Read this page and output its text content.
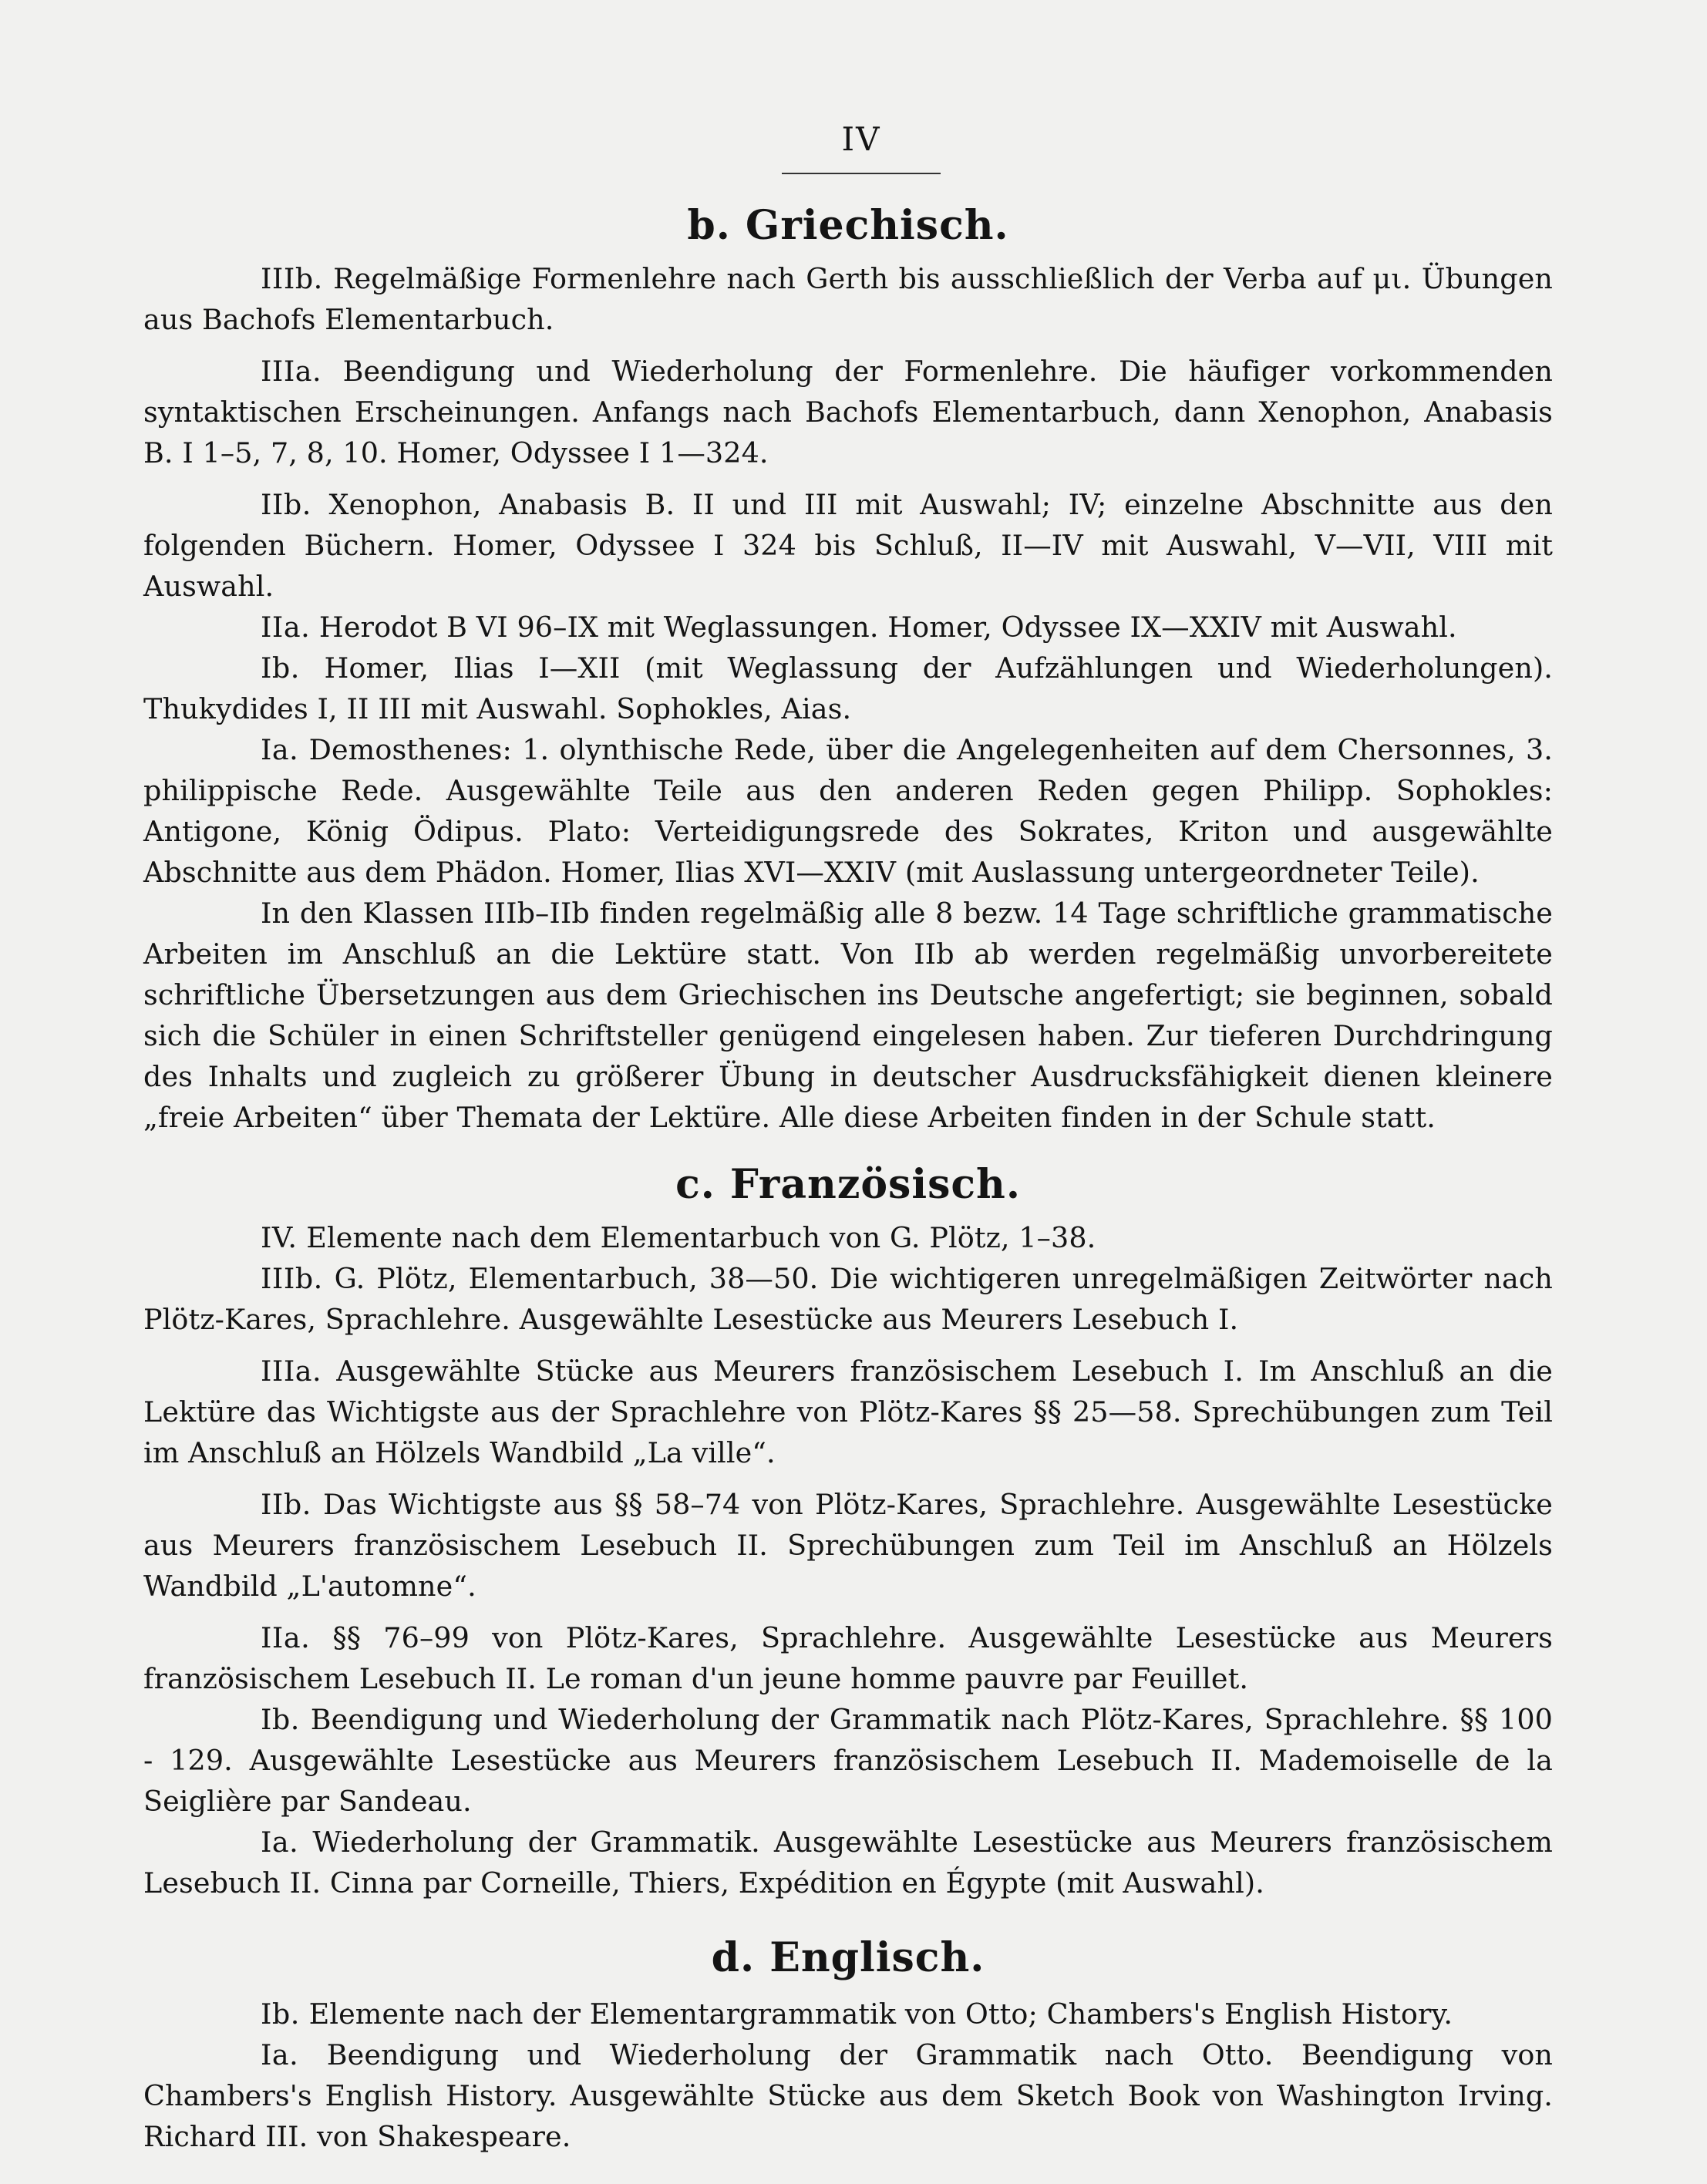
IV
b. Griechisch.

IIIb. Regelmäßige Formenlehre nach Gerth bis ausschließlich der Verba auf μι. Übungen aus Bachofs Elementarbuch.

IIIa. Beendigung und Wiederholung der Formenlehre. Die häufiger vorkommenden syntaktischen Erscheinungen. Anfangs nach Bachofs Elementarbuch, dann Xenophon, Anabasis B. I 1–5, 7, 8, 10. Homer, Odyssee I 1—324.

IIb. Xenophon, Anabasis B. II und III mit Auswahl; IV; einzelne Abschnitte aus den folgenden Büchern. Homer, Odyssee I 324 bis Schluß, II—IV mit Auswahl, V—VII, VIII mit Auswahl.

IIa. Herodot B VI 96–IX mit Weglassungen. Homer, Odyssee IX—XXIV mit Auswahl.

Ib. Homer, Ilias I—XII (mit Weglassung der Aufzählungen und Wiederholungen). Thukydides I, II III mit Auswahl. Sophokles, Aias.

Ia. Demosthenes: 1. olynthische Rede, über die Angelegenheiten auf dem Chersonnes, 3. philippische Rede. Ausgewählte Teile aus den anderen Reden gegen Philipp. Sophokles: Antigone, König Ödipus. Plato: Verteidigungsrede des Sokrates, Kriton und ausgewählte Abschnitte aus dem Phädon. Homer, Ilias XVI—XXIV (mit Auslassung untergeordneter Teile).

In den Klassen IIIb–IIb finden regelmäßig alle 8 bezw. 14 Tage schriftliche grammatische Arbeiten im Anschluß an die Lektüre statt. Von IIb ab werden regelmäßig unvorbereitete schriftliche Übersetzungen aus dem Griechischen ins Deutsche angefertigt; sie beginnen, sobald sich die Schüler in einen Schriftsteller genügend eingelesen haben. Zur tieferen Durchdringung des Inhalts und zugleich zu größerer Übung in deutscher Ausdrucksfähigkeit dienen kleinere „freie Arbeiten“ über Themata der Lektüre. Alle diese Arbeiten finden in der Schule statt.

c. Französisch.

IV. Elemente nach dem Elementarbuch von G. Plötz, 1–38.

IIIb. G. Plötz, Elementarbuch, 38—50. Die wichtigeren unregelmäßigen Zeitwörter nach Plötz-Kares, Sprachlehre. Ausgewählte Lesestücke aus Meurers Lesebuch I.

IIIa. Ausgewählte Stücke aus Meurers französischem Lesebuch I. Im Anschluß an die Lektüre das Wichtigste aus der Sprachlehre von Plötz-Kares §§ 25—58. Sprechübungen zum Teil im Anschluß an Hölzels Wandbild „La ville“.

IIb. Das Wichtigste aus §§ 58–74 von Plötz-Kares, Sprachlehre. Ausgewählte Lesestücke aus Meurers französischem Lesebuch II. Sprechübungen zum Teil im Anschluß an Hölzels Wandbild „L'automne“.

IIa. §§ 76–99 von Plötz-Kares, Sprachlehre. Ausgewählte Lesestücke aus Meurers französischem Lesebuch II. Le roman d'un jeune homme pauvre par Feuillet.

Ib. Beendigung und Wiederholung der Grammatik nach Plötz-Kares, Sprachlehre. §§ 100 - 129. Ausgewählte Lesestücke aus Meurers französischem Lesebuch II. Mademoiselle de la Seiglière par Sandeau.

Ia. Wiederholung der Grammatik. Ausgewählte Lesestücke aus Meurers französischem Lesebuch II. Cinna par Corneille, Thiers, Expédition en Égypte (mit Auswahl).

d. Englisch.

Ib. Elemente nach der Elementargrammatik von Otto; Chambers's English History.

Ia. Beendigung und Wiederholung der Grammatik nach Otto. Beendigung von Chambers's English History. Ausgewählte Stücke aus dem Sketch Book von Washington Irving. Richard III. von Shakespeare.
